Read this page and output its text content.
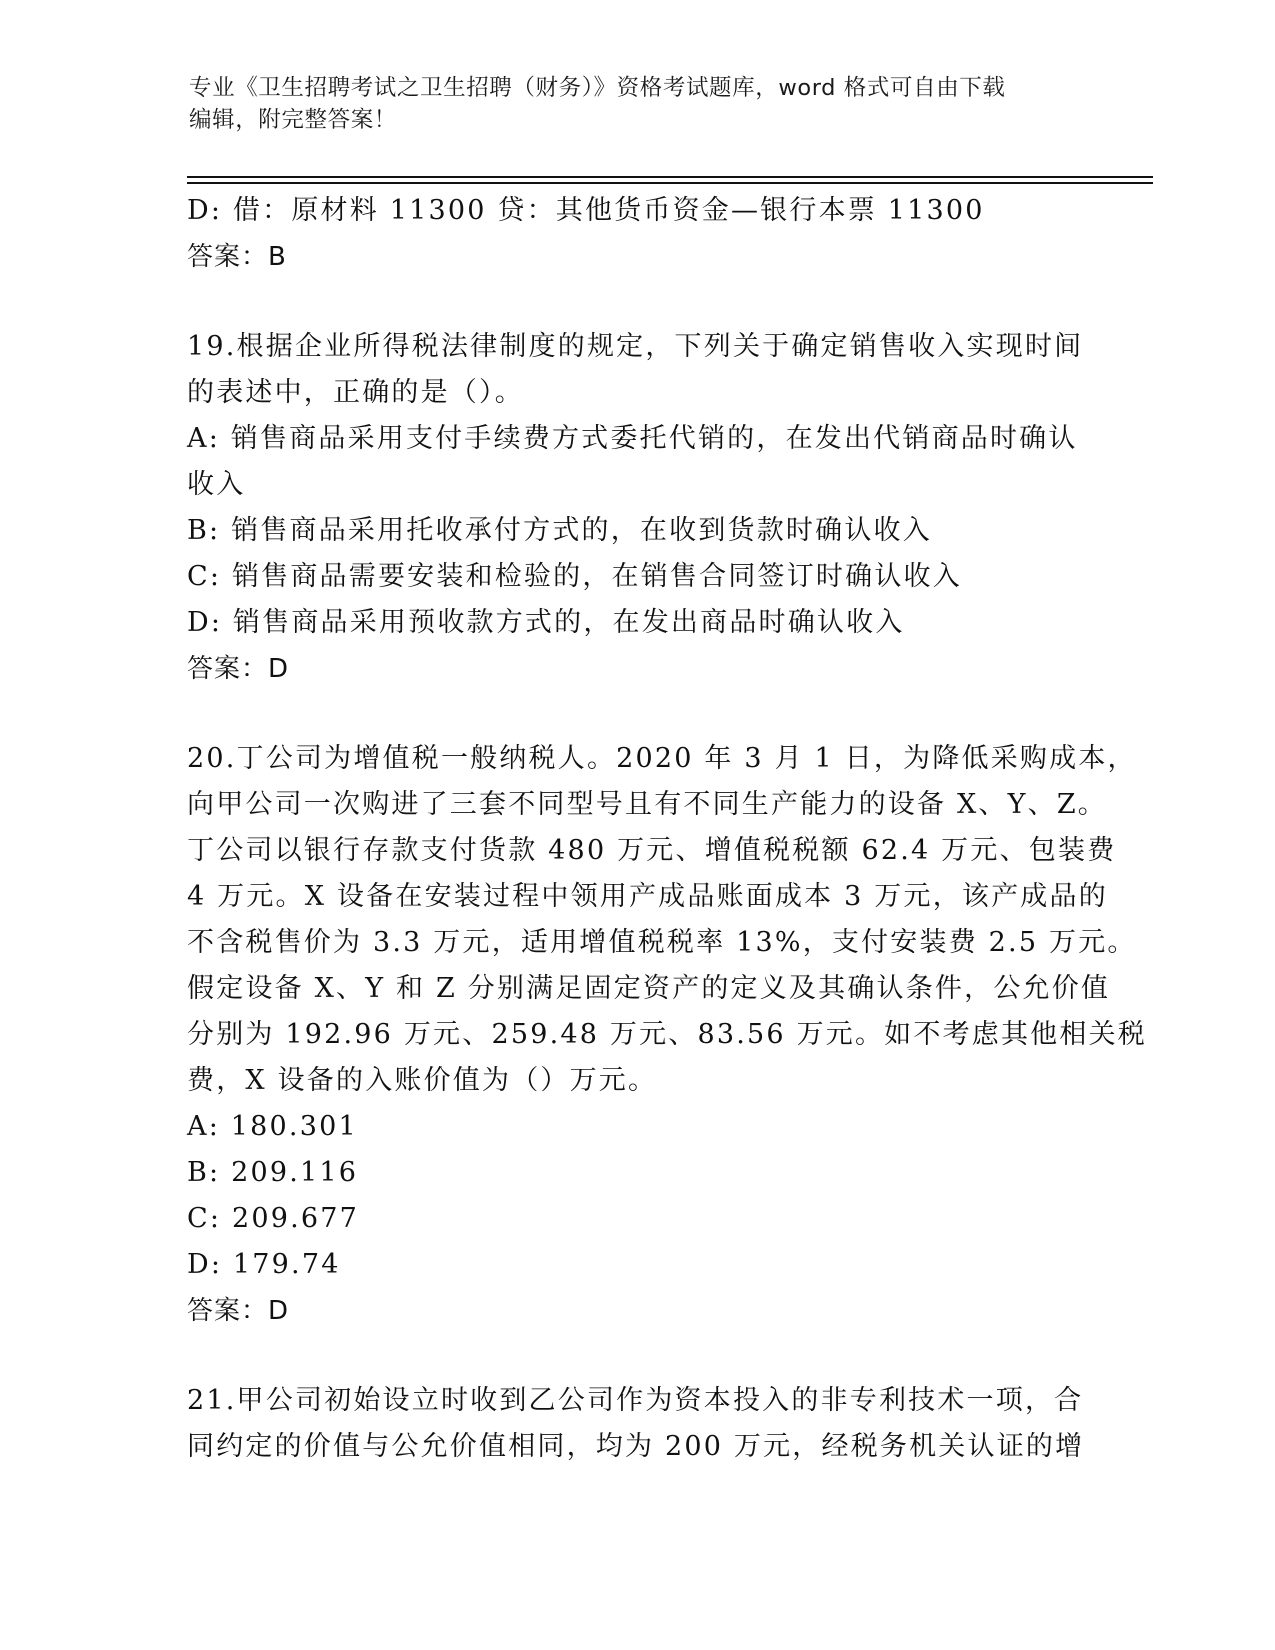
专业《卫生招聘考试之卫生招聘（财务）》资格考试题库，word 格式可自由下载
编辑，附完整答案！
D: 借：原材料 11300 贷：其他货币资金—银行本票 11300
答案：B
19.根据企业所得税法律制度的规定，下列关于确定销售收入实现时间
的表述中，正确的是（）。
A: 销售商品采用支付手续费方式委托代销的，在发出代销商品时确认
收入
B: 销售商品采用托收承付方式的，在收到货款时确认收入
C: 销售商品需要安装和检验的，在销售合同签订时确认收入
D: 销售商品采用预收款方式的，在发出商品时确认收入
答案：D
20.丁公司为增值税一般纳税人。2020 年 3 月 1 日，为降低采购成本，
向甲公司一次购进了三套不同型号且有不同生产能力的设备 X、Y、Z。
丁公司以银行存款支付货款 480 万元、增值税税额 62.4 万元、包装费
4 万元。X 设备在安装过程中领用产成品账面成本 3 万元，该产成品的
不含税售价为 3.3 万元，适用增值税税率 13%，支付安装费 2.5 万元。
假定设备 X、Y 和 Z 分别满足固定资产的定义及其确认条件，公允价值
分别为 192.96 万元、259.48 万元、83.56 万元。如不考虑其他相关税
费，X 设备的入账价值为（）万元。
A: 180.301
B: 209.116
C: 209.677
D: 179.74
答案：D
21.甲公司初始设立时收到乙公司作为资本投入的非专利技术一项，合
同约定的价值与公允价值相同，均为 200 万元，经税务机关认证的增
